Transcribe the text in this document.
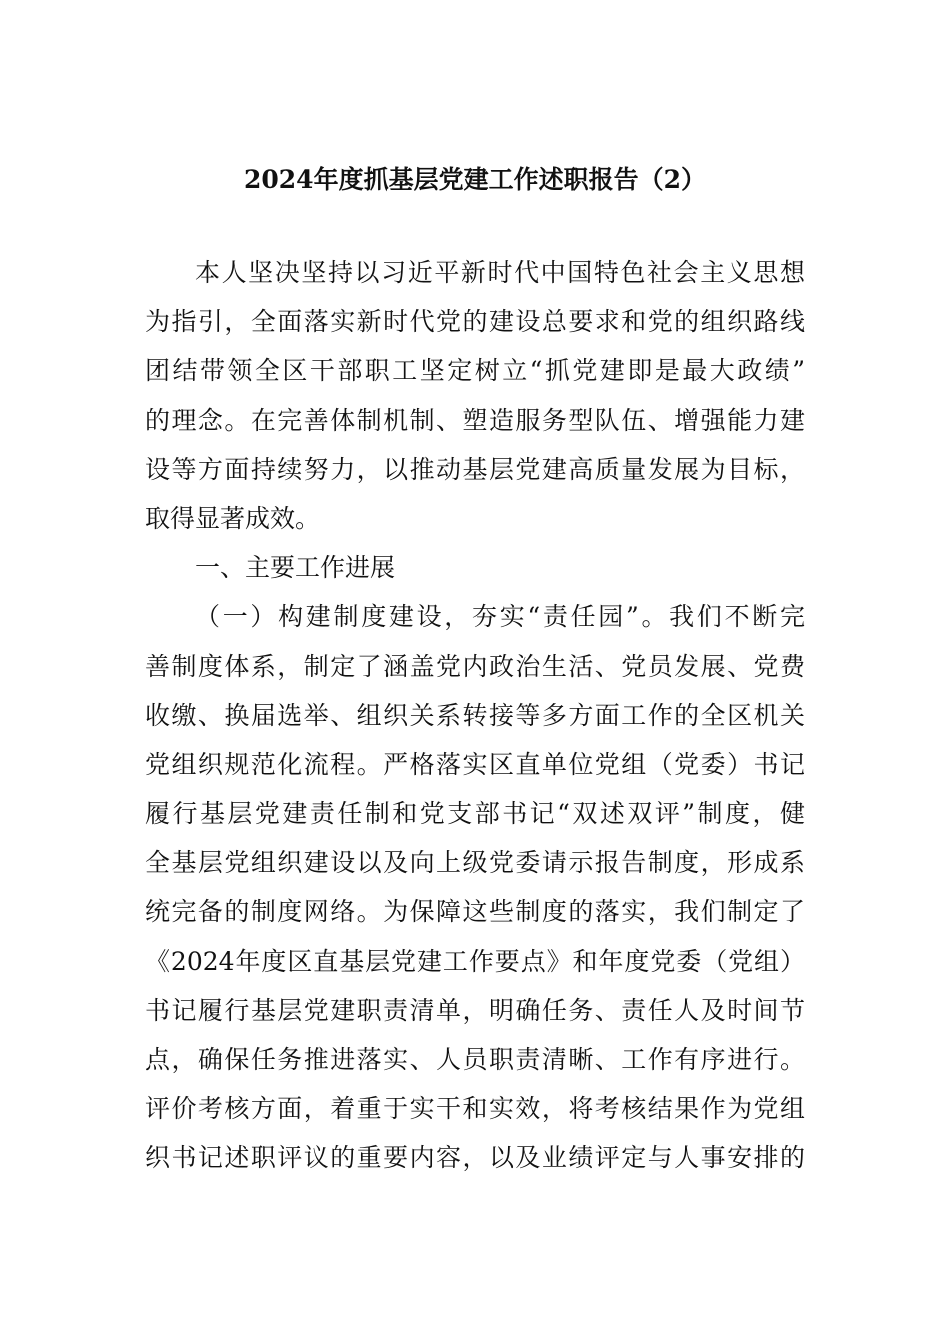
2024年度抓基层党建工作述职报告（2）
本人坚决坚持以习近平新时代中国特色社会主义思想
为指引，全面落实新时代党的建设总要求和党的组织路线
团结带领全区干部职工坚定树立“抓党建即是最大政绩”
的理念。在完善体制机制、塑造服务型队伍、增强能力建
设等方面持续努力，以推动基层党建高质量发展为目标，
取得显著成效。
一、主要工作进展
（一）构建制度建设，夯实“责任园”。我们不断完
善制度体系，制定了涵盖党内政治生活、党员发展、党费
收缴、换届选举、组织关系转接等多方面工作的全区机关
党组织规范化流程。严格落实区直单位党组（党委）书记
履行基层党建责任制和党支部书记“双述双评”制度，健
全基层党组织建设以及向上级党委请示报告制度，形成系
统完备的制度网络。为保障这些制度的落实，我们制定了
《2024年度区直基层党建工作要点》和年度党委（党组）
书记履行基层党建职责清单，明确任务、责任人及时间节
点，确保任务推进落实、人员职责清晰、工作有序进行。
评价考核方面，着重于实干和实效，将考核结果作为党组
织书记述职评议的重要内容，以及业绩评定与人事安排的
